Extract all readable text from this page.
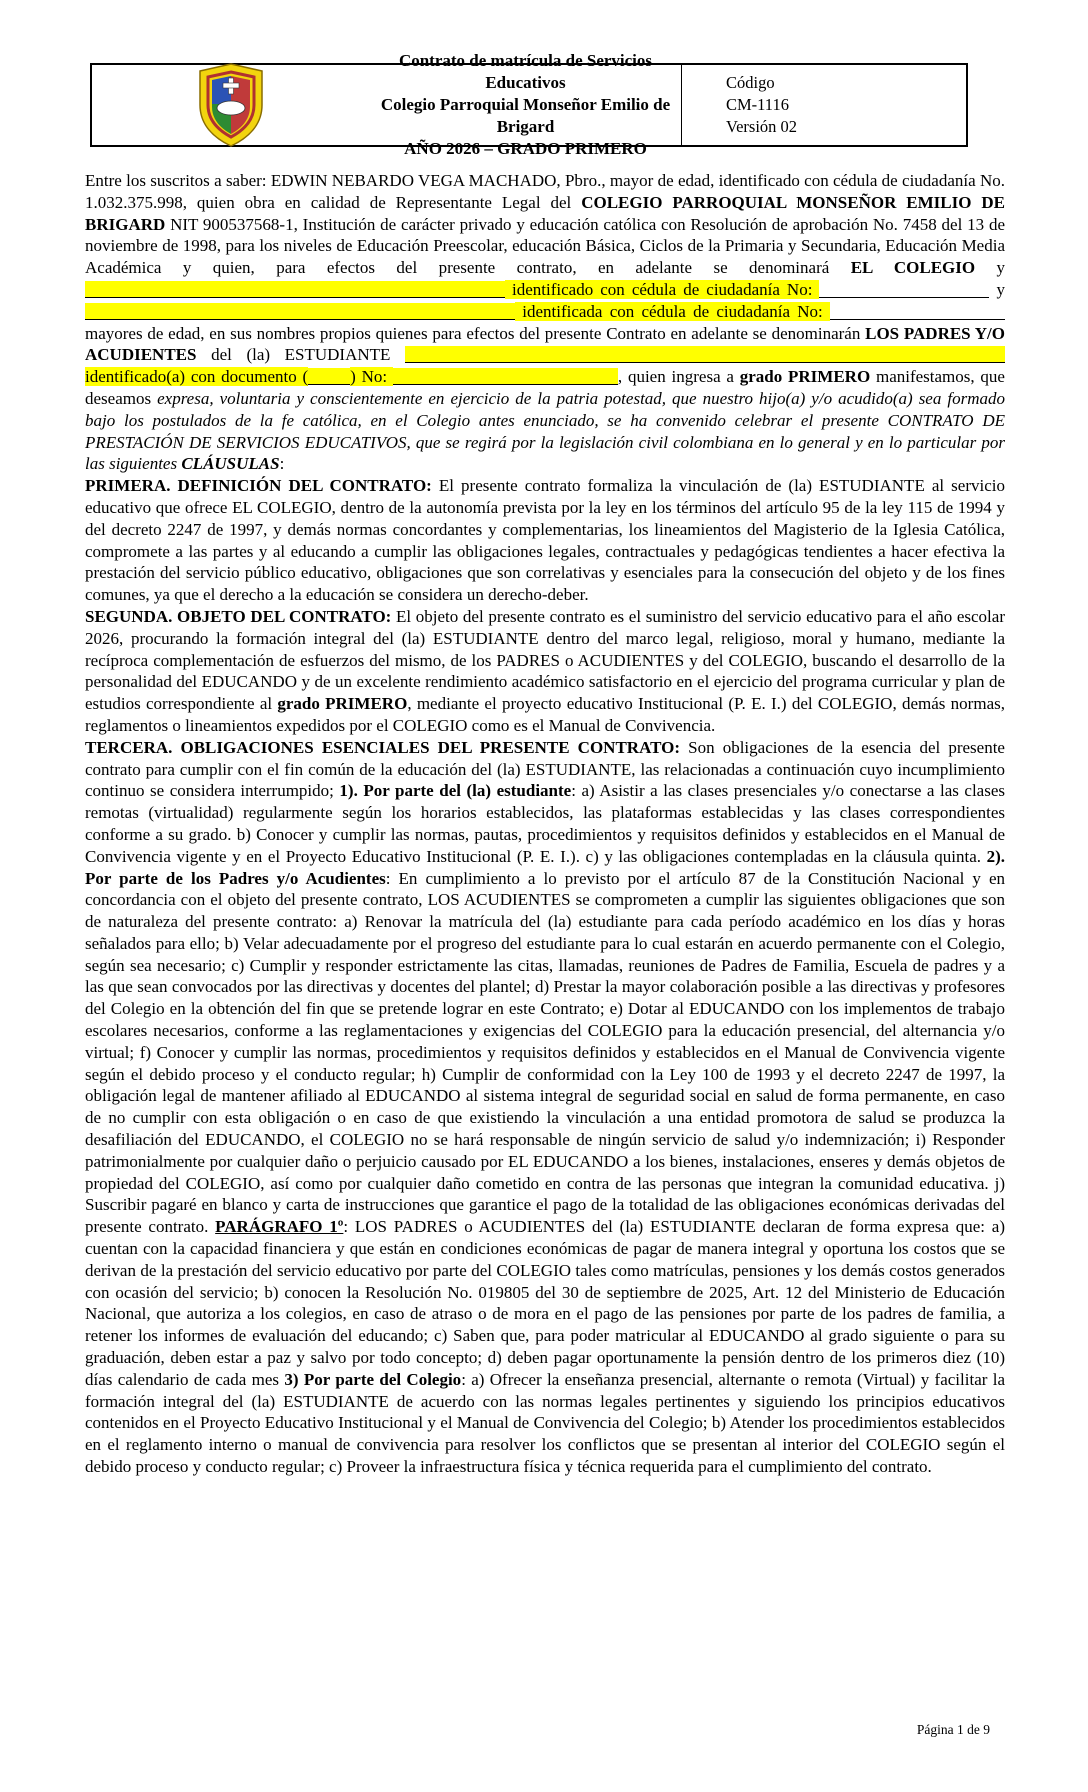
Contrato de matrícula de Servicios Educativos
Colegio Parroquial Monseñor Emilio de Brigard
AÑO 2026 – GRADO PRIMERO
Código
CM-1116
Versión 02

Entre los suscritos a saber: EDWIN NEBARDO VEGA MACHADO, Pbro., mayor de edad, identificado con cédula de ciudadanía No. 1.032.375.998, quien obra en calidad de Representante Legal del COLEGIO PARROQUIAL MONSEÑOR EMILIO DE BRIGARD NIT 900537568-1, Institución de carácter privado y educación católica con Resolución de aprobación No. 7458 del 13 de noviembre de 1998, para los niveles de Educación Preescolar, educación Básica, Ciclos de la Primaria y Secundaria, Educación Media Académica y quien, para efectos del presente contrato, en adelante se denominará EL COLEGIO y   identificado con cédula de ciudadanía No:	y   identificada con cédula de ciudadanía No:   mayores de edad, en sus nombres propios quienes para efectos del presente Contrato en adelante se denominarán LOS PADRES Y/O ACUDIENTES del (la) ESTUDIANTE   identificado(a) con documento ( ) No:	, quien ingresa a grado PRIMERO manifestamos, que deseamos expresa, voluntaria y conscientemente en ejercicio de la patria potestad, que nuestro hijo(a) y/o acudido(a) sea formado bajo los postulados de la fe católica, en el Colegio antes enunciado, se ha convenido celebrar el presente CONTRATO DE PRESTACIÓN DE SERVICIOS EDUCATIVOS, que se regirá por la legislación civil colombiana en lo general y en lo particular por las siguientes CLÁUSULAS:

PRIMERA. DEFINICIÓN DEL CONTRATO: El presente contrato formaliza la vinculación de (la) ESTUDIANTE al servicio educativo que ofrece EL COLEGIO, dentro de la autonomía prevista por la ley en los términos del artículo 95 de la ley 115 de 1994 y del decreto 2247 de 1997, y demás normas concordantes y complementarias, los lineamientos del Magisterio de la Iglesia Católica, compromete a las partes y al educando a cumplir las obligaciones legales, contractuales y pedagógicas tendientes a hacer efectiva la prestación del servicio público educativo, obligaciones que son correlativas y esenciales para la consecución del objeto y de los fines comunes, ya que el derecho a la educación se considera un derecho-deber.

SEGUNDA. OBJETO DEL CONTRATO: El objeto del presente contrato es el suministro del servicio educativo para el año escolar 2026, procurando la formación integral del (la) ESTUDIANTE dentro del marco legal, religioso, moral y humano, mediante la recíproca complementación de esfuerzos del mismo, de los PADRES o ACUDIENTES y del COLEGIO, buscando el desarrollo de la personalidad del EDUCANDO y de un excelente rendimiento académico satisfactorio en el ejercicio del programa curricular y plan de estudios correspondiente al grado PRIMERO, mediante el proyecto educativo Institucional (P. E. I.) del COLEGIO, demás normas, reglamentos o lineamientos expedidos por el COLEGIO como es el Manual de Convivencia.

TERCERA. OBLIGACIONES ESENCIALES DEL PRESENTE CONTRATO: Son obligaciones de la esencia del presente contrato para cumplir con el fin común de la educación del (la) ESTUDIANTE, las relacionadas a continuación cuyo incumplimiento continuo se considera interrumpido; 1). Por parte del (la) estudiante: a) Asistir a las clases presenciales y/o conectarse a las clases remotas (virtualidad) regularmente según los horarios establecidos, las plataformas establecidas y las clases correspondientes conforme a su grado. b) Conocer y cumplir las normas, pautas, procedimientos y requisitos definidos y establecidos en el Manual de Convivencia vigente y en el Proyecto Educativo Institucional (P. E. I.). c) y las obligaciones contempladas en la cláusula quinta. 2). Por parte de los Padres y/o Acudientes: En cumplimiento a lo previsto por el artículo 87 de la Constitución Nacional y en concordancia con el objeto del presente contrato, LOS ACUDIENTES se comprometen a cumplir las siguientes obligaciones que son de naturaleza del presente contrato: a) Renovar la matrícula del (la) estudiante para cada período académico en los días y horas señalados para ello; b) Velar adecuadamente por el progreso del estudiante para lo cual estarán en acuerdo permanente con el Colegio, según sea necesario; c) Cumplir y responder estrictamente las citas, llamadas, reuniones de Padres de Familia, Escuela de padres y a las que sean convocados por las directivas y docentes del plantel; d) Prestar la mayor colaboración posible a las directivas y profesores del Colegio en la obtención del fin que se pretende lograr en este Contrato; e) Dotar al EDUCANDO con los implementos de trabajo escolares necesarios, conforme a las reglamentaciones y exigencias del COLEGIO para la educación presencial, del alternancia y/o virtual; f) Conocer y cumplir las normas, procedimientos y requisitos definidos y establecidos en el Manual de Convivencia vigente según el debido proceso y el conducto regular; h) Cumplir de conformidad con la Ley 100 de 1993 y el decreto 2247 de 1997, la obligación legal de mantener afiliado al EDUCANDO al sistema integral de seguridad social en salud de forma permanente, en caso de no cumplir con esta obligación o en caso de que existiendo la vinculación a una entidad promotora de salud se produzca la desafiliación del EDUCANDO, el COLEGIO no se hará responsable de ningún servicio de salud y/o indemnización; i) Responder patrimonialmente por cualquier daño o perjuicio causado por EL EDUCANDO a los bienes, instalaciones, enseres y demás objetos de propiedad del COLEGIO, así como por cualquier daño cometido en contra de las personas que integran la comunidad educativa. j) Suscribir pagaré en blanco y carta de instrucciones que garantice el pago de la totalidad de las obligaciones económicas derivadas del presente contrato. PARÁGRAFO 1º: LOS PADRES o ACUDIENTES del (la) ESTUDIANTE declaran de forma expresa que: a) cuentan con la capacidad financiera y que están en condiciones económicas de pagar de manera integral y oportuna los costos que se derivan de la prestación del servicio educativo por parte del COLEGIO tales como matrículas, pensiones y los demás costos generados con ocasión del servicio; b) conocen la Resolución No. 019805 del 30 de septiembre de 2025, Art. 12 del Ministerio de Educación Nacional, que autoriza a los colegios, en caso de atraso o de mora en el pago de las pensiones por parte de los padres de familia, a retener los informes de evaluación del educando; c) Saben que, para poder matricular al EDUCANDO al grado siguiente o para su graduación, deben estar a paz y salvo por todo concepto; d) deben pagar oportunamente la pensión dentro de los primeros diez (10) días calendario de cada mes 3) Por parte del Colegio: a) Ofrecer la enseñanza presencial, alternante o remota (Virtual) y facilitar la formación integral del (la) ESTUDIANTE de acuerdo con las normas legales pertinentes y siguiendo los principios educativos contenidos en el Proyecto Educativo Institucional y el Manual de Convivencia del Colegio; b) Atender los procedimientos establecidos en el reglamento interno o manual de convivencia para resolver los conflictos que se presentan al interior del COLEGIO según el debido proceso y conducto regular; c) Proveer la infraestructura física y técnica requerida para el cumplimiento del contrato.

Página 1 de 9
